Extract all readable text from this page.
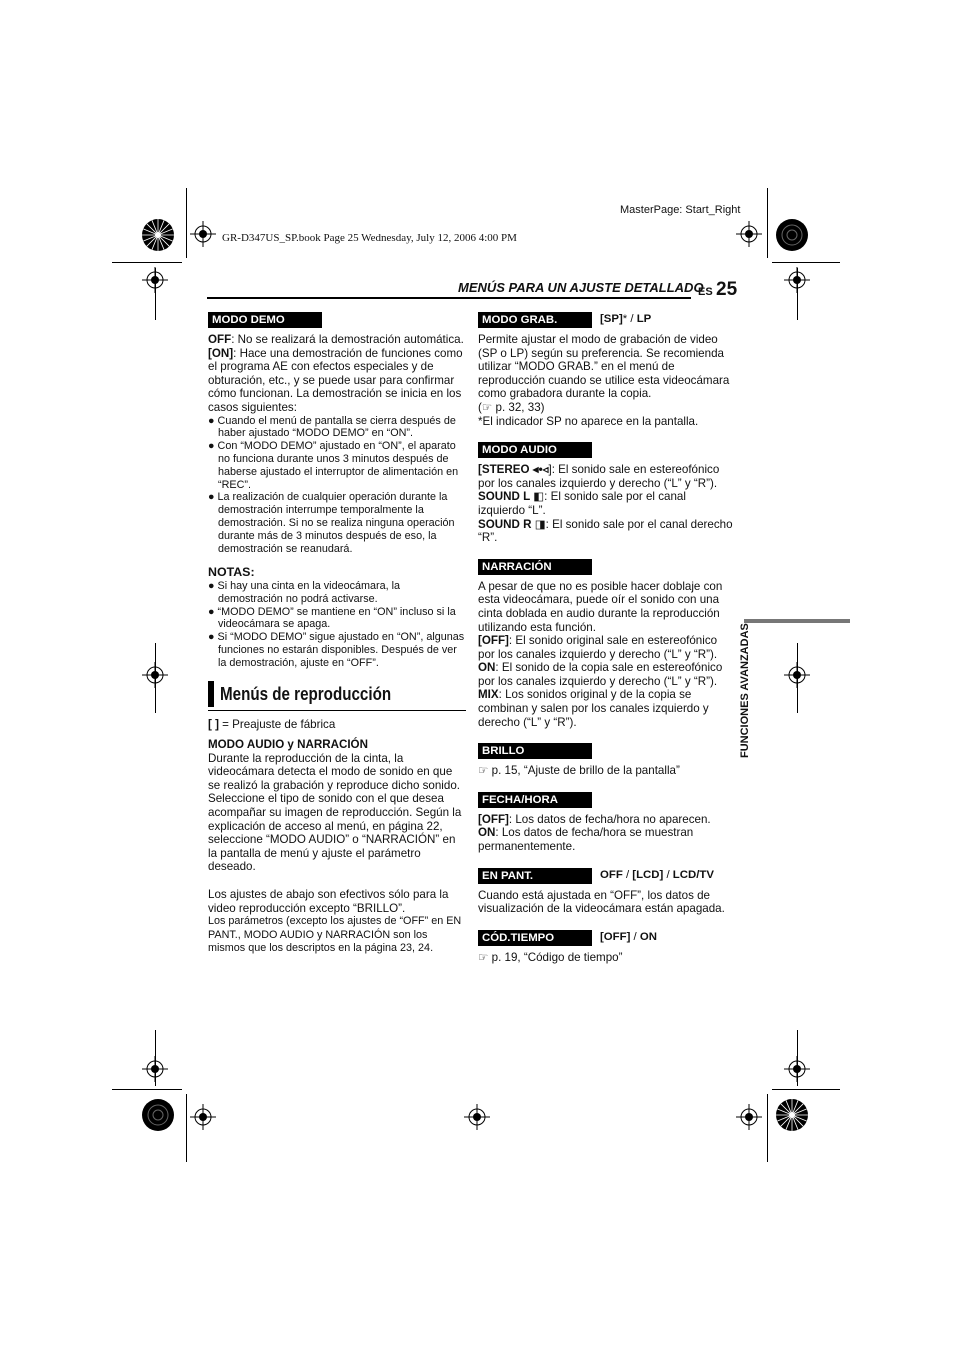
MasterPage: Start_Right
GR-D347US_SP.book Page 25 Wednesday, July 12, 2006 4:00 PM
MENÚS PARA UN AJUSTE DETALLADO
ES 25
FUNCIONES AVANZADAS
MODO DEMO

OFF: No se realizará la demostración automática.

[ON]: Hace una demostración de funciones como el programa AE con efectos especiales y de obturación, etc., y se puede usar para confirmar cómo funcionan. La demostración se inicia en los casos siguientes:

● Cuando el menú de pantalla se cierra después de haber ajustado “MODO DEMO” en “ON”.

● Con “MODO DEMO” ajustado en “ON”, el aparato no funciona durante unos 3 minutos después de haberse ajustado el interruptor de alimentación en “REC”.

● La realización de cualquier operación durante la demostración interrumpe temporalmente la demostración. Si no se realiza ninguna operación durante más de 3 minutos después de eso, la demostración se reanudará.

NOTAS:

● Si hay una cinta en la videocámara, la demostración no podrá activarse.

● “MODO DEMO” se mantiene en “ON” incluso si la videocámara se apaga.

● Si “MODO DEMO” sigue ajustado en “ON”, algunas funciones no estarán disponibles. Después de ver la demostración, ajuste en “OFF”.

Menús de reproducción

[ ] = Preajuste de fábrica

MODO AUDIO y NARRACIÓN

Durante la reproducción de la cinta, la videocámara detecta el modo de sonido en que se realizó la grabación y reproduce dicho sonido. Seleccione el tipo de sonido con el que desea acompañar su imagen de reproducción. Según la explicación de acceso al menú, en página 22, seleccione “MODO AUDIO” o “NARRACIÓN” en la pantalla de menú y ajuste el parámetro deseado.

Los ajustes de abajo son efectivos sólo para la video reproducción excepto “BRILLO”.

Los parámetros (excepto los ajustes de “OFF” en EN PANT., MODO AUDIO y NARRACIÓN son los mismos que los descriptos en la página 23, 24.

MODO GRAB.	[SP]* / LP

Permite ajustar el modo de grabación de video (SP o LP) según su preferencia. Se recomienda utilizar “MODO GRAB.” en el menú de reproducción cuando se utilice esta videocámara como grabadora durante la copia.

(☞ p. 32, 33)

*El indicador SP no aparece en la pantalla.

MODO AUDIO

[STEREO ◂•◃]: El sonido sale en estereofónico por los canales izquierdo y derecho (“L” y “R”).

SOUND L ◧: El sonido sale por el canal izquierdo “L”.

SOUND R ◨: El sonido sale por el canal derecho “R”.

NARRACIÓN

A pesar de que no es posible hacer doblaje con esta videocámara, puede oír el sonido con una cinta doblada en audio durante la reproducción utilizando esta función.

[OFF]: El sonido original sale en estereofónico por los canales izquierdo y derecho (“L” y “R”).

ON: El sonido de la copia sale en estereofónico por los canales izquierdo y derecho (“L” y “R”).

MIX: Los sonidos original y de la copia se combinan y salen por los canales izquierdo y derecho (“L” y “R”).

BRILLO

☞ p. 15, “Ajuste de brillo de la pantalla”

FECHA/HORA

[OFF]: Los datos de fecha/hora no aparecen.

ON: Los datos de fecha/hora se muestran permanentemente.

EN PANT.	OFF / [LCD] / LCD/TV

Cuando está ajustada en “OFF”, los datos de visualización de la videocámara están apagada.

CÓD.TIEMPO	[OFF] / ON

☞ p. 19, “Código de tiempo”
